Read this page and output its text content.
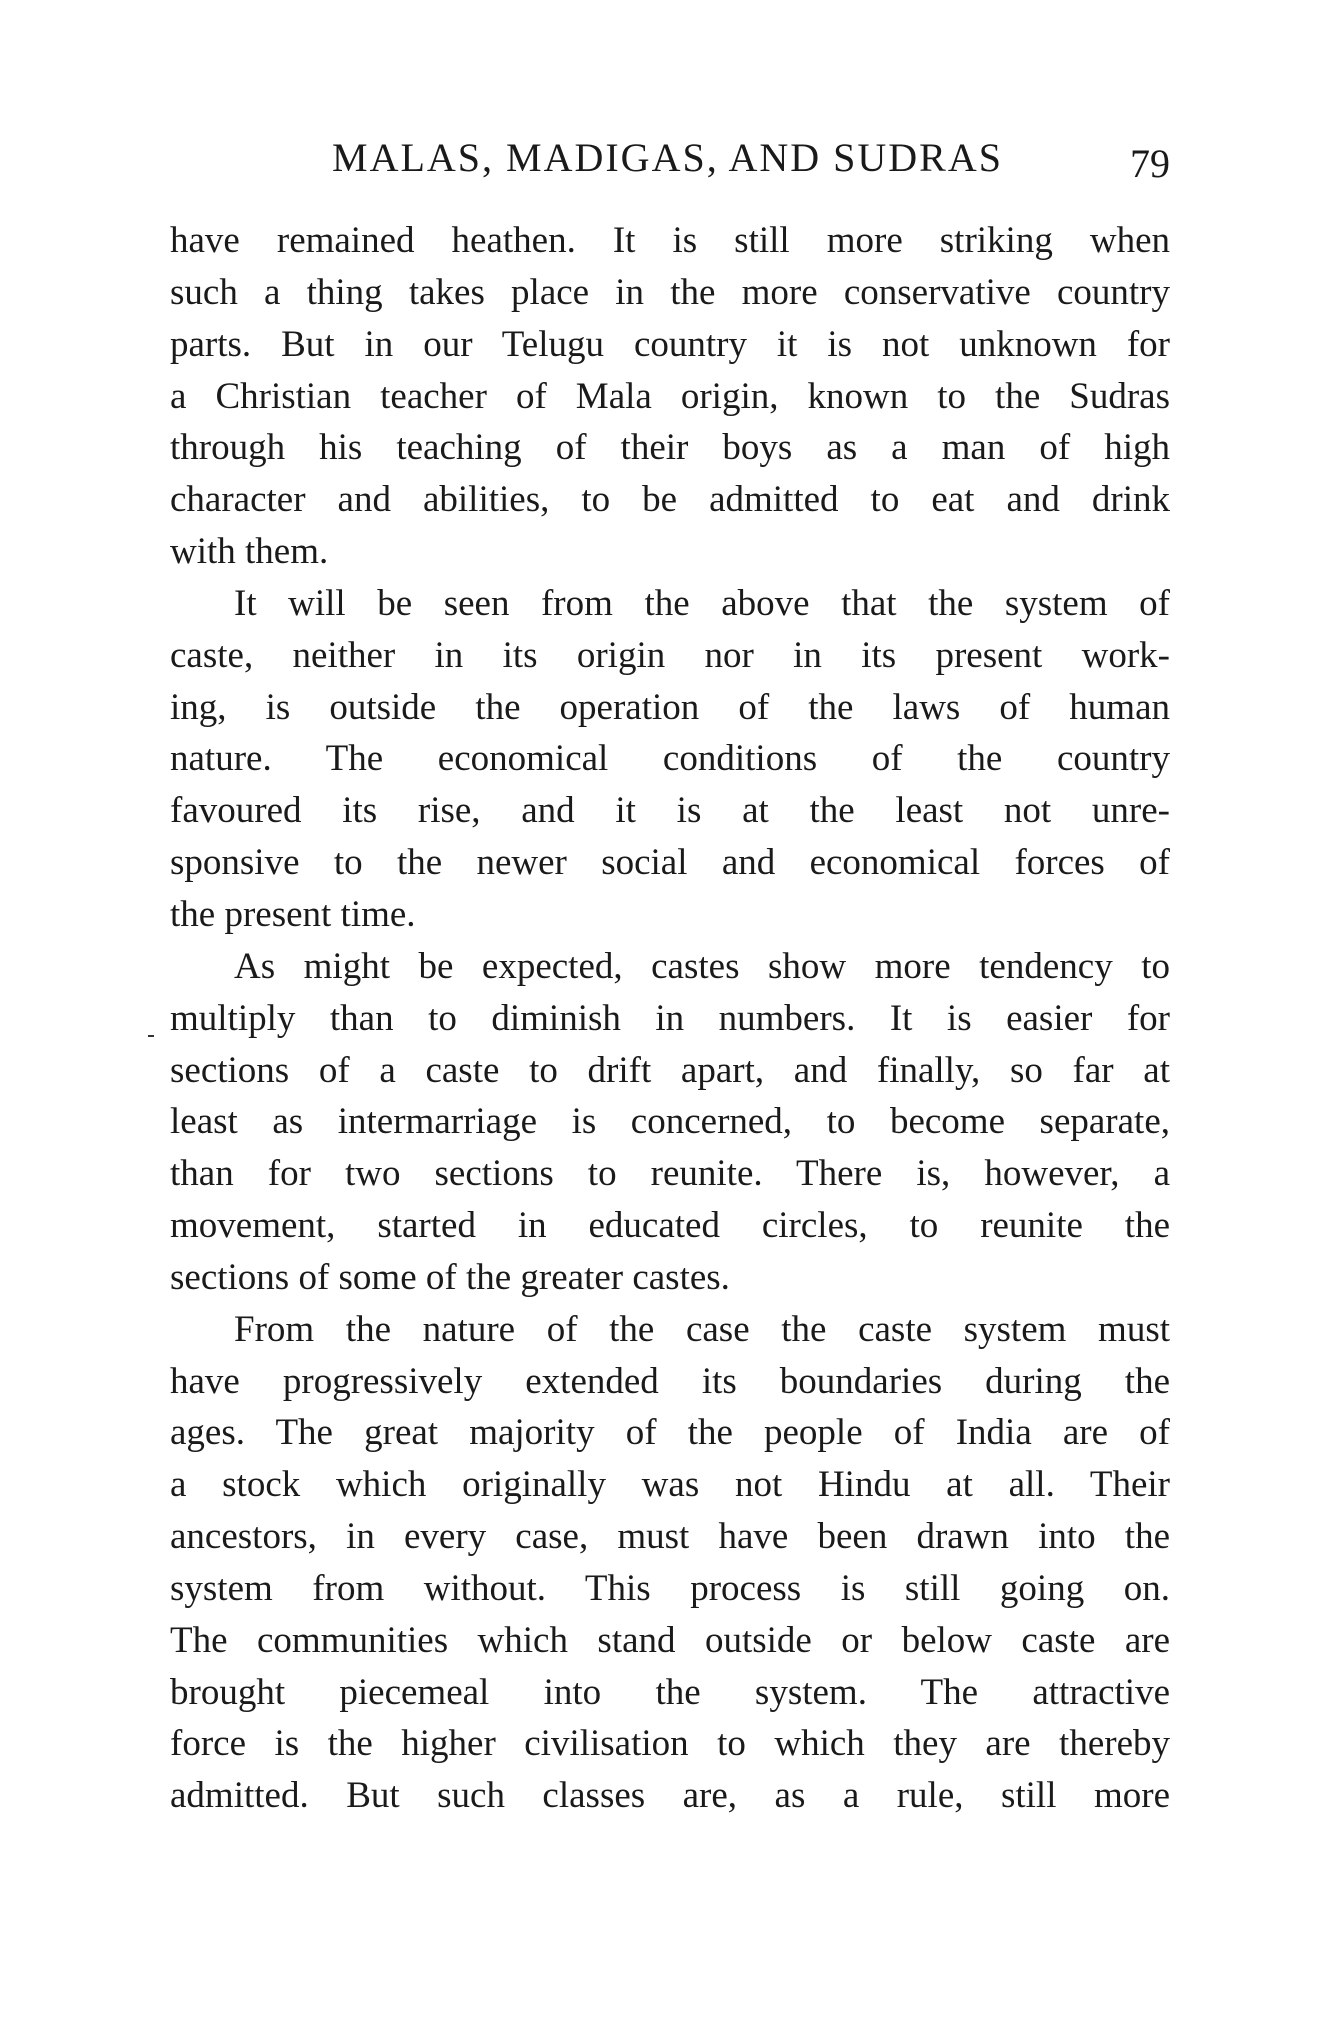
MALAS, MADIGAS, AND SUDRAS	79
have remained heathen. It is still more striking when
such a thing takes place in the more conservative country
parts. But in our Telugu country it is not unknown for
a Christian teacher of Mala origin, known to the Sudras
through his teaching of their boys as a man of high
character and abilities, to be admitted to eat and drink
with them.
It will be seen from the above that the system of
caste, neither in its origin nor in its present work-
ing, is outside the operation of the laws of human
nature. The economical conditions of the country
favoured its rise, and it is at the least not unre-
sponsive to the newer social and economical forces of
the present time.
As might be expected, castes show more tendency to
multiply than to diminish in numbers. It is easier for
sections of a caste to drift apart, and finally, so far at
least as intermarriage is concerned, to become separate,
than for two sections to reunite. There is, however, a
movement, started in educated circles, to reunite the
sections of some of the greater castes.
From the nature of the case the caste system must
have progressively extended its boundaries during the
ages. The great majority of the people of India are of
a stock which originally was not Hindu at all. Their
ancestors, in every case, must have been drawn into the
system from without. This process is still going on.
The communities which stand outside or below caste are
brought piecemeal into the system. The attractive
force is the higher civilisation to which they are thereby
admitted. But such classes are, as a rule, still more
